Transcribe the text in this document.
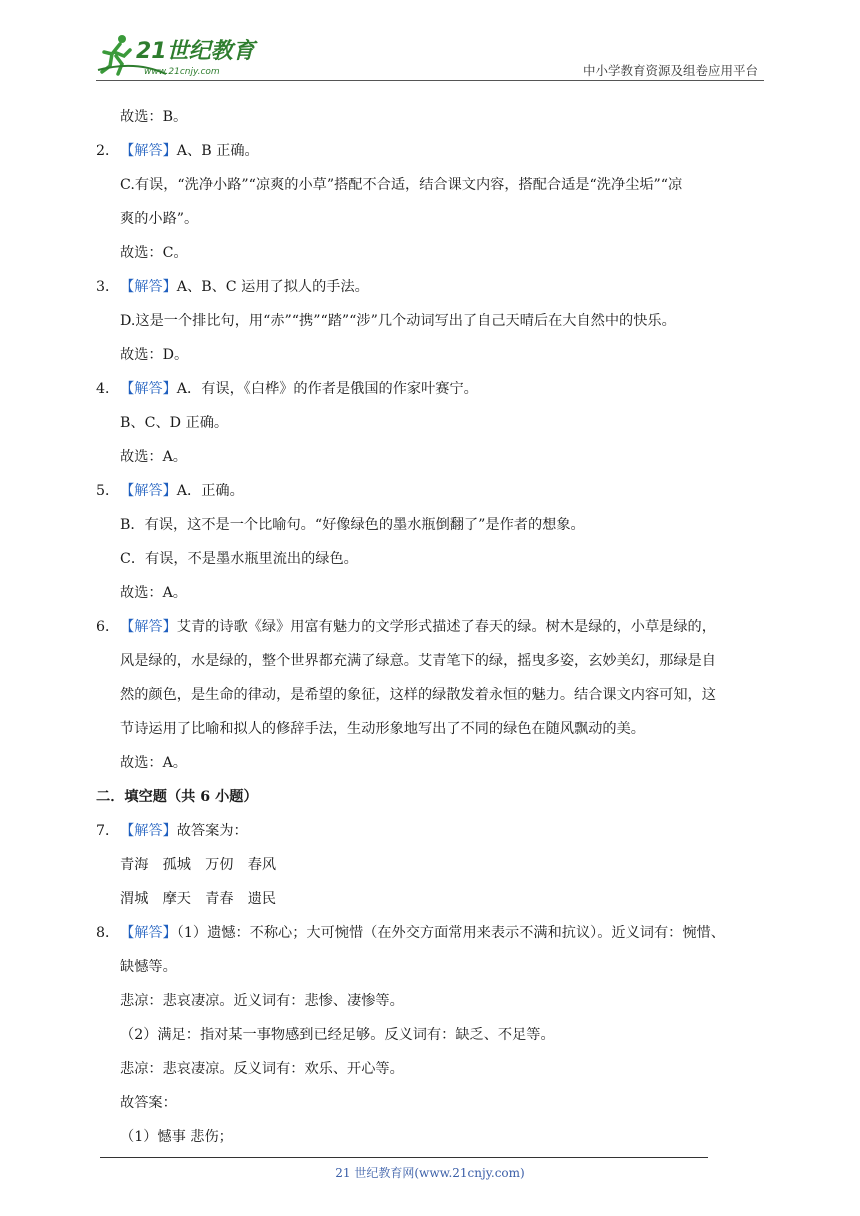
21世纪教育
www.21cnjy.com	中小学教育资源及组卷应用平台
故选：B。
2．【解答】A、B 正确。
C.有误，“洗净小路”“凉爽的小草”搭配不合适，结合课文内容，搭配合适是“洗净尘垢”“凉
爽的小路”。
故选：C。
3．【解答】A、B、C 运用了拟人的手法。
D.这是一个排比句，用“赤”“携”“踏”“涉”几个动词写出了自己天晴后在大自然中的快乐。
故选：D。
4．【解答】A．有误，《白桦》的作者是俄国的作家叶赛宁。
B、C、D 正确。
故选：A。
5．【解答】A．正确。
B．有误，这不是一个比喻句。“好像绿色的墨水瓶倒翻了”是作者的想象。
C．有误，不是墨水瓶里流出的绿色。
故选：A。
6．【解答】艾青的诗歌《绿》用富有魅力的文学形式描述了春天的绿。树木是绿的，小草是绿的，
风是绿的，水是绿的，整个世界都充满了绿意。艾青笔下的绿，摇曳多姿，玄妙美幻，那绿是自
然的颜色，是生命的律动，是希望的象征，这样的绿散发着永恒的魅力。结合课文内容可知，这
节诗运用了比喻和拟人的修辞手法，生动形象地写出了不同的绿色在随风飘动的美。
故选：A。
二．填空题（共 6 小题）
7．【解答】故答案为：
青海　孤城　万仞　春风
渭城　摩天　青春　遗民
8．【解答】（1）遗憾：不称心；大可惋惜（在外交方面常用来表示不满和抗议）。近义词有：惋惜、
缺憾等。
悲凉：悲哀凄凉。近义词有：悲惨、凄惨等。
（2）满足：指对某一事物感到已经足够。反义词有：缺乏、不足等。
悲凉：悲哀凄凉。反义词有：欢乐、开心等。
故答案：
（1）憾事 悲伤；
21 世纪教育网(www.21cnjy.com)
